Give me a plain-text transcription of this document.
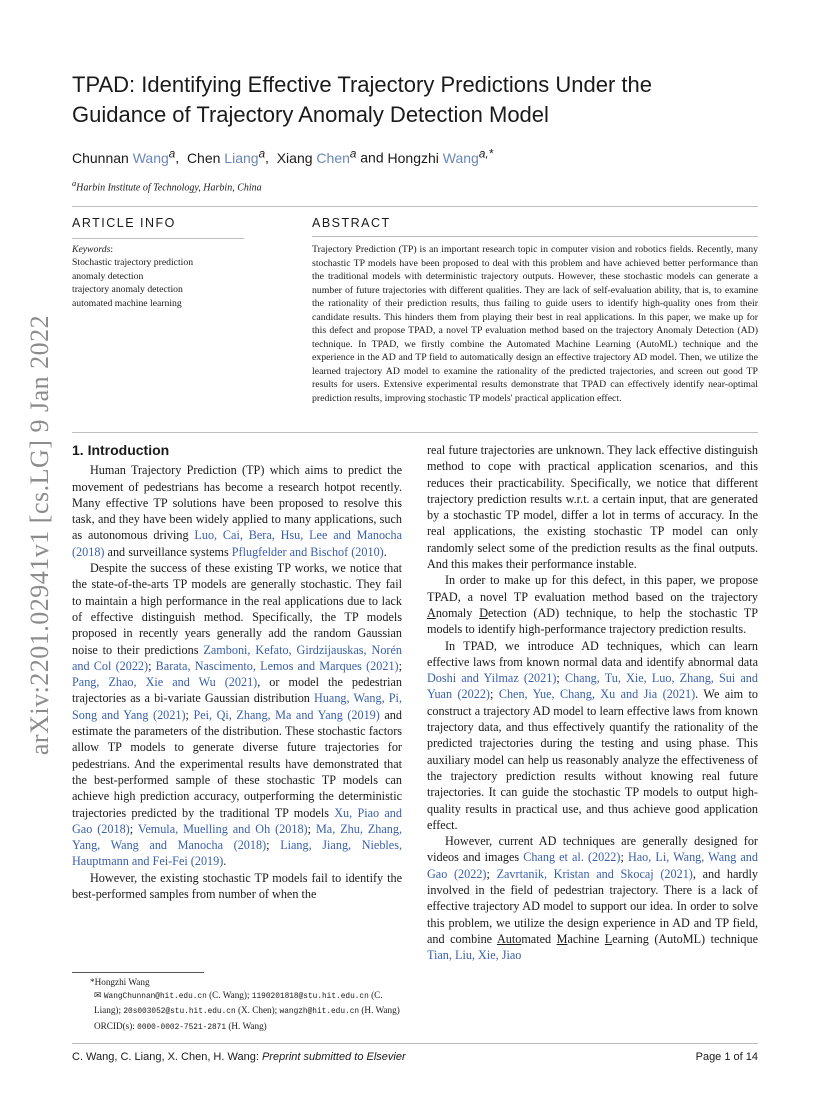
arXiv:2201.02941v1 [cs.LG] 9 Jan 2022
TPAD: Identifying Effective Trajectory Predictions Under the
Guidance of Trajectory Anomaly Detection Model
Chunnan Wang$^a$,  Chen Liang$^a$,  Xiang Chen$^a$ and Hongzhi Wang$^{a,*}$
$^a$Harbin Institute of Technology, Harbin, China
ARTICLE INFO	ABSTRACT
Keywords:
Stochastic trajectory prediction
anomaly detection
trajectory anomaly detection
automated machine learning
Trajectory Prediction (TP) is an important research topic in computer vision and robotics fields. Recently, many stochastic TP models have been proposed to deal with this problem and have achieved better performance than the traditional models with deterministic trajectory outputs. However, these stochastic models can generate a number of future trajectories with different qualities. They are lack of self-evaluation ability, that is, to examine the rationality of their prediction results, thus failing to guide users to identify high-quality ones from their candidate results. This hinders them from playing their best in real applications. In this paper, we make up for this defect and propose TPAD, a novel TP evaluation method based on the trajectory Anomaly Detection (AD) technique. In TPAD, we firstly combine the Automated Machine Learning (AutoML) technique and the experience in the AD and TP field to automatically design an effective trajectory AD model. Then, we utilize the learned trajectory AD model to examine the rationality of the predicted trajectories, and screen out good TP results for users. Extensive experimental results demonstrate that TPAD can effectively identify near-optimal prediction results, improving stochastic TP models' practical application effect.
1. Introduction

Human Trajectory Prediction (TP) which aims to predict the movement of pedestrians has become a research hotpot recently. Many effective TP solutions have been proposed to resolve this task, and they have been widely applied to many applications, such as autonomous driving Luo, Cai, Bera, Hsu, Lee and Manocha (2018) and surveillance systems Pflugfelder and Bischof (2010).

Despite the success of these existing TP works, we notice that the state-of-the-arts TP models are generally stochastic. They fail to maintain a high performance in the real applications due to lack of effective distinguish method. Specifically, the TP models proposed in recently years generally add the random Gaussian noise to their predictions Zamboni, Kefato, Girdzijauskas, Norén and Col (2022); Barata, Nascimento, Lemos and Marques (2021); Pang, Zhao, Xie and Wu (2021), or model the pedestrian trajectories as a bi-variate Gaussian distribution Huang, Wang, Pi, Song and Yang (2021); Pei, Qi, Zhang, Ma and Yang (2019) and estimate the parameters of the distribution. These stochastic factors allow TP models to generate diverse future trajectories for pedestrians. And the experimental results have demonstrated that the best-performed sample of these stochastic TP models can achieve high prediction accuracy, outperforming the deterministic trajectories predicted by the traditional TP models Xu, Piao and Gao (2018); Vemula, Muelling and Oh (2018); Ma, Zhu, Zhang, Yang, Wang and Manocha (2018); Liang, Jiang, Niebles, Hauptmann and Fei-Fei (2019).

However, the existing stochastic TP models fail to identify the best-performed samples from number of when the

*Hongzhi Wang
✉ WangChunnan@hit.edu.cn (C. Wang); 1190201818@stu.hit.edu.cn (C. Liang); 20s003052@stu.hit.edu.cn (X. Chen); wangzh@hit.edu.cn (H. Wang)
ORCID(s): 0000-0002-7521-2871 (H. Wang)

real future trajectories are unknown. They lack effective distinguish method to cope with practical application scenarios, and this reduces their practicability. Specifically, we notice that different trajectory prediction results w.r.t. a certain input, that are generated by a stochastic TP model, differ a lot in terms of accuracy. In the real applications, the existing stochastic TP model can only randomly select some of the prediction results as the final outputs. And this makes their performance instable.

In order to make up for this defect, in this paper, we propose TPAD, a novel TP evaluation method based on the trajectory Anomaly Detection (AD) technique, to help the stochastic TP models to identify high-performance trajectory prediction results.

In TPAD, we introduce AD techniques, which can learn effective laws from known normal data and identify abnormal data Doshi and Yilmaz (2021); Chang, Tu, Xie, Luo, Zhang, Sui and Yuan (2022); Chen, Yue, Chang, Xu and Jia (2021). We aim to construct a trajectory AD model to learn effective laws from known trajectory data, and thus effectively quantify the rationality of the predicted trajectories during the testing and using phase. This auxiliary model can help us reasonably analyze the effectiveness of the trajectory prediction results without knowing real future trajectories. It can guide the stochastic TP models to output high-quality results in practical use, and thus achieve good application effect.

However, current AD techniques are generally designed for videos and images Chang et al. (2022); Hao, Li, Wang, Wang and Gao (2022); Zavrtanik, Kristan and Skocaj (2021), and hardly involved in the field of pedestrian trajectory. There is a lack of effective trajectory AD model to support our idea. In order to solve this problem, we utilize the design experience in AD and TP field, and combine Automated Machine Learning (AutoML) technique Tian, Liu, Xie, Jiao

C. Wang, C. Liang, X. Chen, H. Wang: Preprint submitted to Elsevier	Page 1 of 14
